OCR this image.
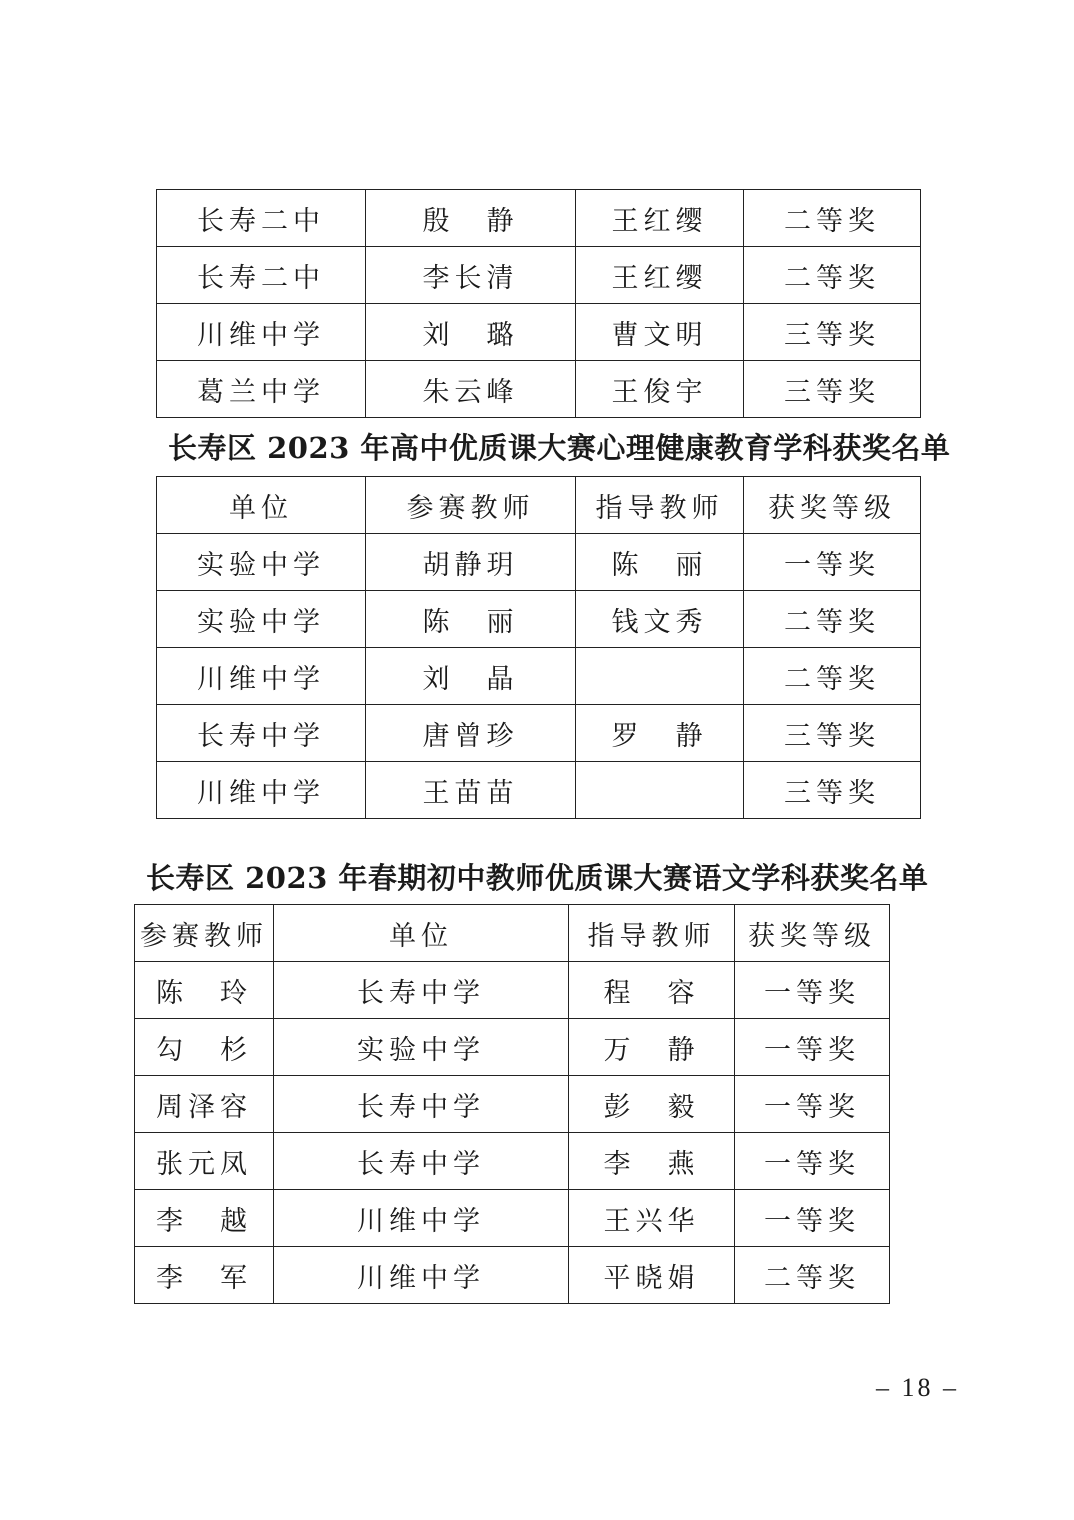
长寿二中	殷　静	王红缨	二等奖
长寿二中	李长清	王红缨	二等奖
川维中学	刘　璐	曹文明	三等奖
葛兰中学	朱云峰	王俊宇	三等奖
长寿区 2023 年高中优质课大赛心理健康教育学科获奖名单
单位	参赛教师	指导教师	获奖等级
实验中学	胡静玥	陈　丽	一等奖
实验中学	陈　丽	钱文秀	二等奖
川维中学	刘　晶		二等奖
长寿中学	唐曾珍	罗　静	三等奖
川维中学	王苗苗		三等奖
长寿区 2023 年春期初中教师优质课大赛语文学科获奖名单
参赛教师	单位	指导教师	获奖等级
陈　玲	长寿中学	程　容	一等奖
勾　杉	实验中学	万　静	一等奖
周泽容	长寿中学	彭　毅	一等奖
张元凤	长寿中学	李　燕	一等奖
李　越	川维中学	王兴华	一等奖
李　军	川维中学	平晓娟	二等奖
– 18 –
